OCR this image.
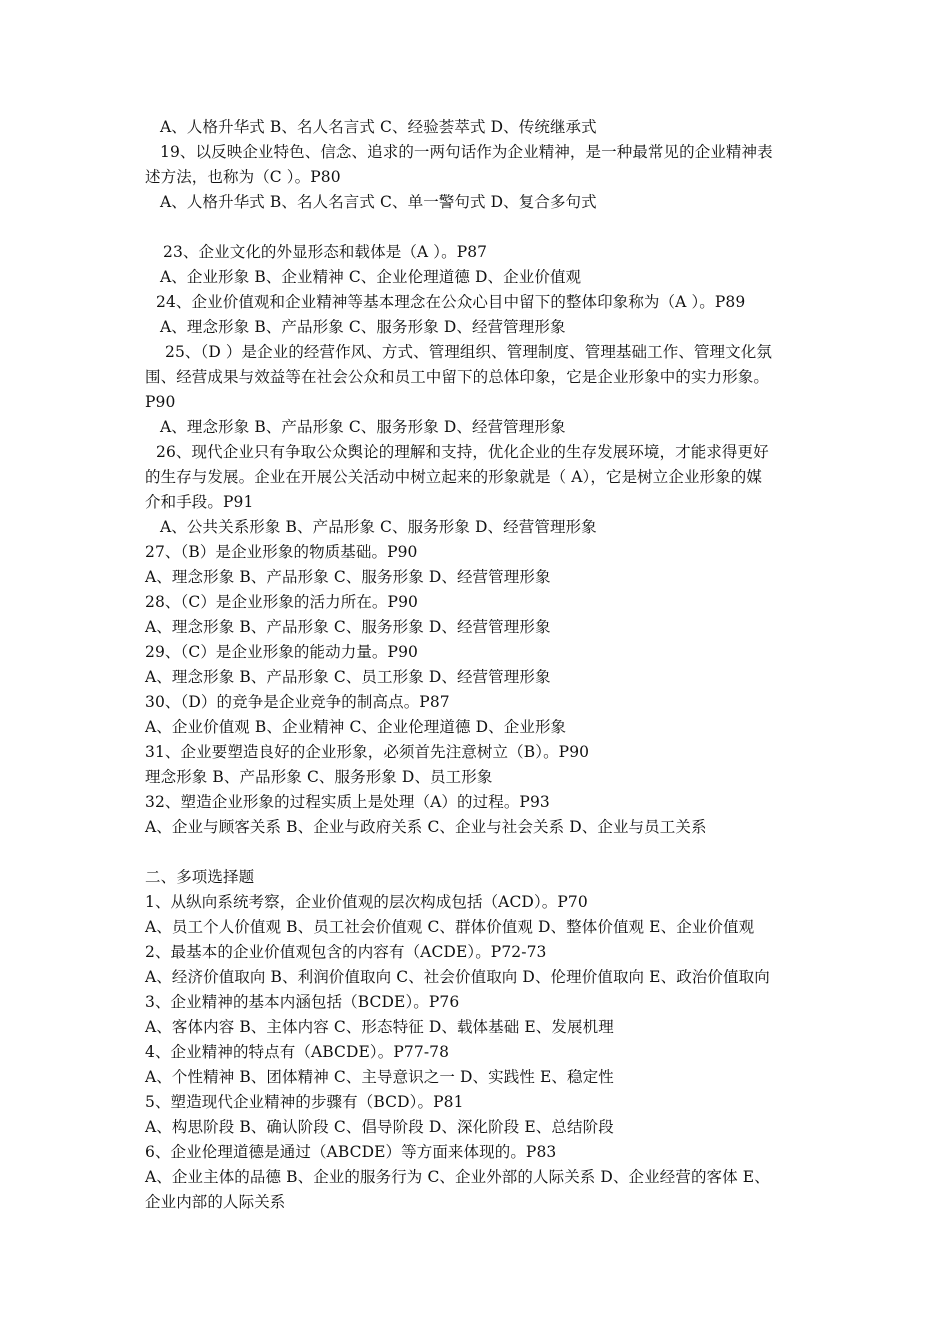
A、人格升华式 B、名人名言式 C、经验荟萃式 D、传统继承式
19、以反映企业特色、信念、追求的一两句话作为企业精神，是一种最常见的企业精神表
述方法，也称为（C ）。P80
A、人格升华式 B、名人名言式 C、单一警句式 D、复合多句式
23、企业文化的外显形态和载体是（A ）。P87
A、企业形象 B、企业精神 C、企业伦理道德 D、企业价值观
24、企业价值观和企业精神等基本理念在公众心目中留下的整体印象称为（A ）。P89
A、理念形象 B、产品形象 C、服务形象 D、经营管理形象
25、（D ）是企业的经营作风、方式、管理组织、管理制度、管理基础工作、管理文化氛
围、经营成果与效益等在社会公众和员工中留下的总体印象，它是企业形象中的实力形象。
P90
A、理念形象 B、产品形象 C、服务形象 D、经营管理形象
26、现代企业只有争取公众舆论的理解和支持，优化企业的生存发展环境，才能求得更好
的生存与发展。企业在开展公关活动中树立起来的形象就是（ A），它是树立企业形象的媒
介和手段。P91
A、公共关系形象 B、产品形象 C、服务形象 D、经营管理形象
27、（B）是企业形象的物质基础。P90
A、理念形象 B、产品形象 C、服务形象 D、经营管理形象
28、（C）是企业形象的活力所在。P90
A、理念形象 B、产品形象 C、服务形象 D、经营管理形象
29、（C）是企业形象的能动力量。P90
A、理念形象 B、产品形象 C、员工形象 D、经营管理形象
30、（D）的竞争是企业竞争的制高点。P87
A、企业价值观 B、企业精神 C、企业伦理道德 D、企业形象
31、企业要塑造良好的企业形象，必须首先注意树立（B）。P90
理念形象 B、产品形象 C、服务形象 D、员工形象
32、塑造企业形象的过程实质上是处理（A）的过程。P93
A、企业与顾客关系 B、企业与政府关系 C、企业与社会关系 D、企业与员工关系
二、多项选择题
1、从纵向系统考察，企业价值观的层次构成包括（ACD）。P70
A、员工个人价值观 B、员工社会价值观 C、群体价值观 D、整体价值观 E、企业价值观
2、最基本的企业价值观包含的内容有（ACDE）。P72-73
A、经济价值取向 B、利润价值取向 C、社会价值取向 D、伦理价值取向 E、政治价值取向
3、企业精神的基本内涵包括（BCDE）。P76
A、客体内容 B、主体内容 C、形态特征 D、载体基础 E、发展机理
4、企业精神的特点有（ABCDE）。P77-78
A、个性精神 B、团体精神 C、主导意识之一 D、实践性 E、稳定性
5、塑造现代企业精神的步骤有（BCD）。P81
A、构思阶段 B、确认阶段 C、倡导阶段 D、深化阶段 E、总结阶段
6、企业伦理道德是通过（ABCDE）等方面来体现的。P83
A、企业主体的品德 B、企业的服务行为 C、企业外部的人际关系 D、企业经营的客体 E、
企业内部的人际关系
